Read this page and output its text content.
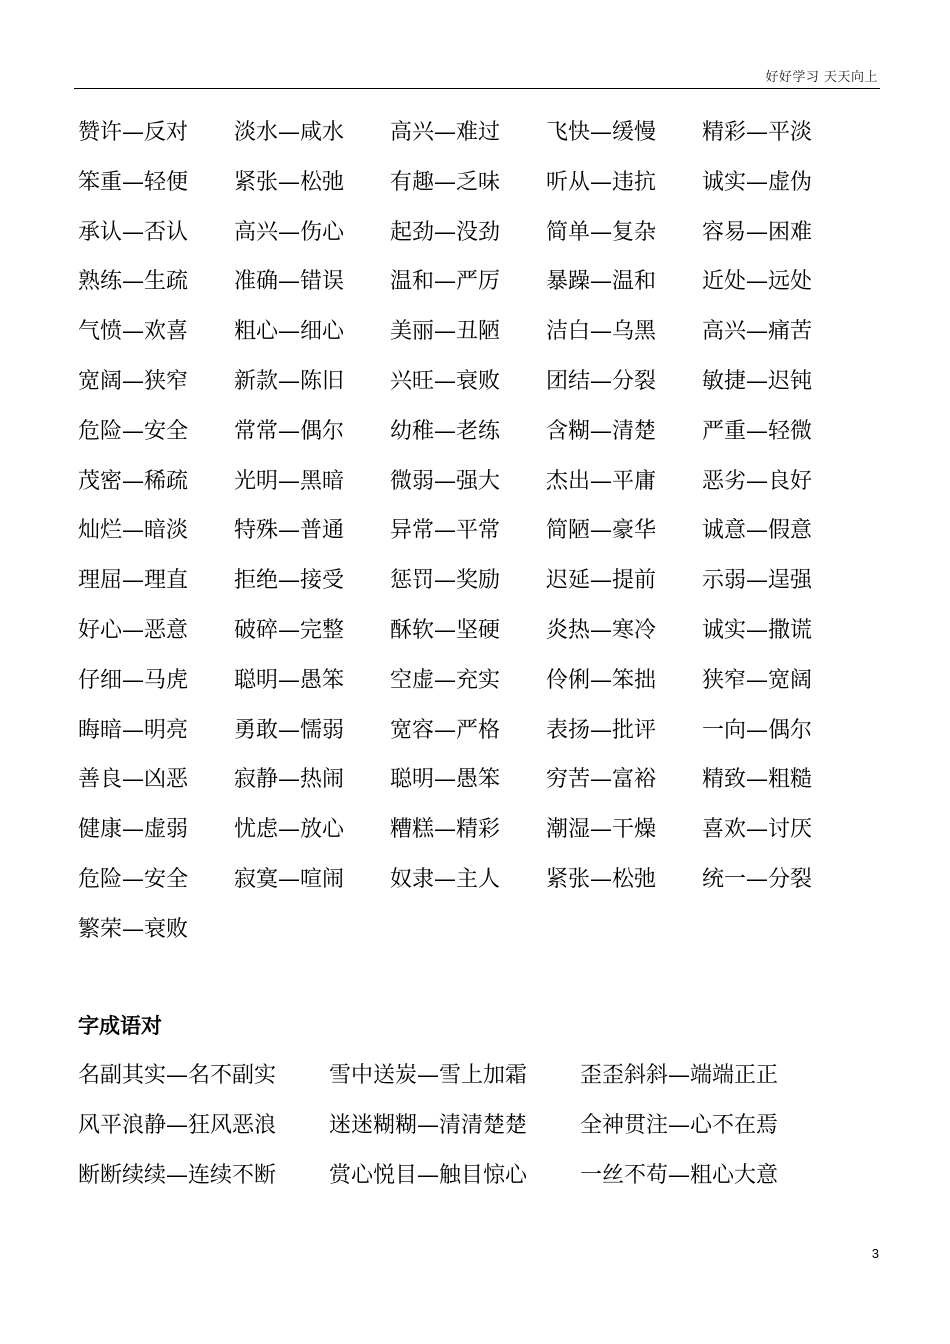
好好学习 天天向上
赞许—反对	淡水—咸水	高兴—难过	飞快—缓慢	精彩—平淡
笨重—轻便	紧张—松弛	有趣—乏味	听从—违抗	诚实—虚伪
承认—否认	高兴—伤心	起劲—没劲	简单—复杂	容易—困难
熟练—生疏	准确—错误	温和—严厉	暴躁—温和	近处—远处
气愤—欢喜	粗心—细心	美丽—丑陋	洁白—乌黑	高兴—痛苦
宽阔—狭窄	新款—陈旧	兴旺—衰败	团结—分裂	敏捷—迟钝
危险—安全	常常—偶尔	幼稚—老练	含糊—清楚	严重—轻微
茂密—稀疏	光明—黑暗	微弱—强大	杰出—平庸	恶劣—良好
灿烂—暗淡	特殊—普通	异常—平常	简陋—豪华	诚意—假意
理屈—理直	拒绝—接受	惩罚—奖励	迟延—提前	示弱—逞强
好心—恶意	破碎—完整	酥软—坚硬	炎热—寒冷	诚实—撒谎
仔细—马虎	聪明—愚笨	空虚—充实	伶俐—笨拙	狭窄—宽阔
晦暗—明亮	勇敢—懦弱	宽容—严格	表扬—批评	一向—偶尔
善良—凶恶	寂静—热闹	聪明—愚笨	穷苦—富裕	精致—粗糙
健康—虚弱	忧虑—放心	糟糕—精彩	潮湿—干燥	喜欢—讨厌
危险—安全	寂寞—喧闹	奴隶—主人	紧张—松弛	统一—分裂
繁荣—衰败
字成语对
名副其实—名不副实	雪中送炭—雪上加霜	歪歪斜斜—端端正正
风平浪静—狂风恶浪	迷迷糊糊—清清楚楚	全神贯注—心不在焉
断断续续—连续不断	赏心悦目—触目惊心	一丝不苟—粗心大意
3
